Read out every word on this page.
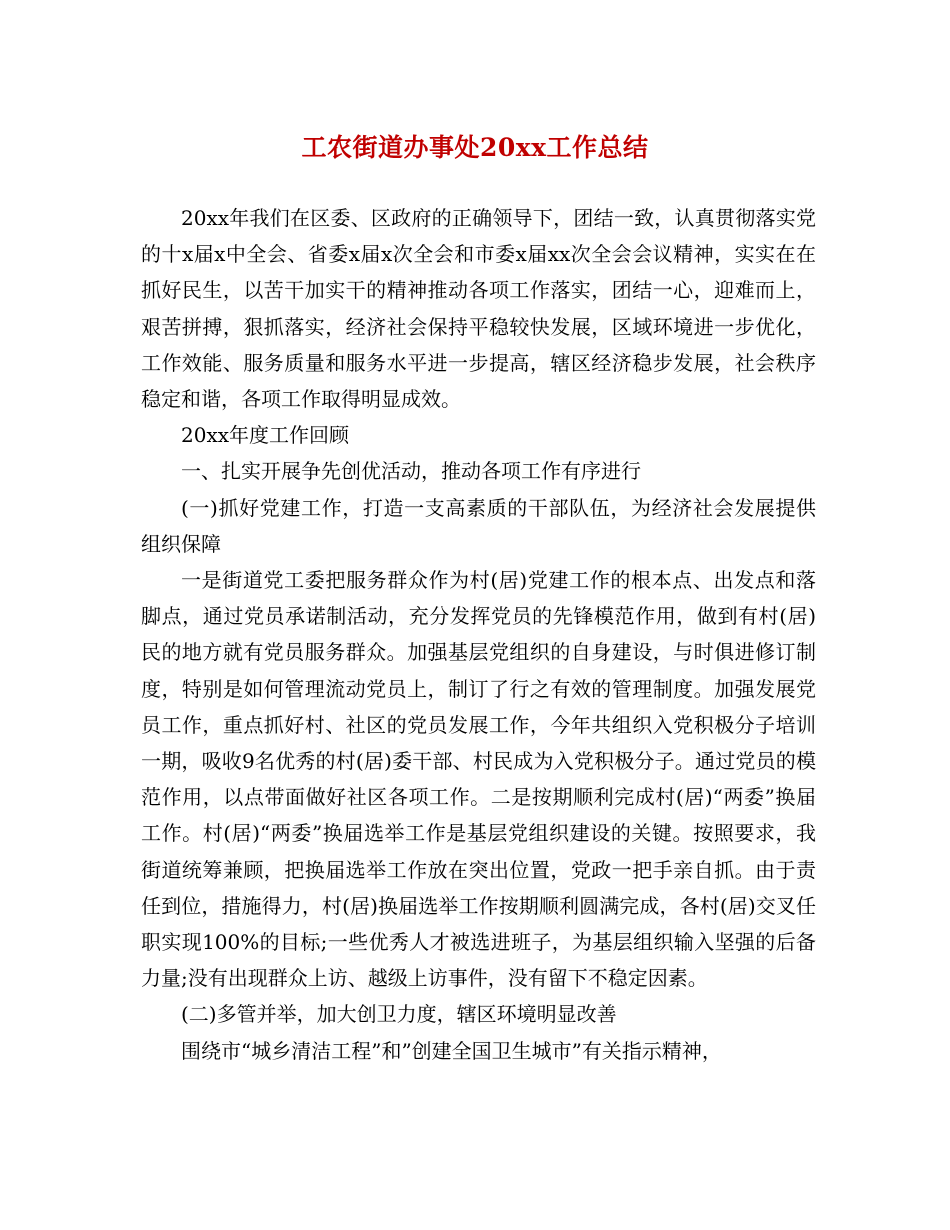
工农街道办事处20xx工作总结

20xx年我们在区委、区政府的正确领导下，团结一致，认真贯彻落实党的十x届x中全会、省委x届x次全会和市委x届xx次全会会议精神，实实在在抓好民生，以苦干加实干的精神推动各项工作落实，团结一心，迎难而上，艰苦拼搏，狠抓落实，经济社会保持平稳较快发展，区域环境进一步优化，工作效能、服务质量和服务水平进一步提高，辖区经济稳步发展，社会秩序稳定和谐，各项工作取得明显成效。

20xx年度工作回顾

一、扎实开展争先创优活动，推动各项工作有序进行

(一)抓好党建工作，打造一支高素质的干部队伍，为经济社会发展提供组织保障

一是街道党工委把服务群众作为村(居)党建工作的根本点、出发点和落脚点，通过党员承诺制活动，充分发挥党员的先锋模范作用，做到有村(居)民的地方就有党员服务群众。加强基层党组织的自身建设，与时俱进修订制度，特别是如何管理流动党员上，制订了行之有效的管理制度。加强发展党员工作，重点抓好村、社区的党员发展工作，今年共组织入党积极分子培训一期，吸收9名优秀的村(居)委干部、村民成为入党积极分子。通过党员的模范作用，以点带面做好社区各项工作。二是按期顺利完成村(居)“两委”换届工作。村(居)“两委”换届选举工作是基层党组织建设的关键。按照要求，我街道统筹兼顾，把换届选举工作放在突出位置，党政一把手亲自抓。由于责任到位，措施得力，村(居)换届选举工作按期顺利圆满完成，各村(居)交叉任职实现100%的目标;一些优秀人才被选进班子，为基层组织输入坚强的后备力量;没有出现群众上访、越级上访事件，没有留下不稳定因素。

(二)多管并举，加大创卫力度，辖区环境明显改善

围绕市“城乡清洁工程”和”创建全国卫生城市”有关指示精神，
